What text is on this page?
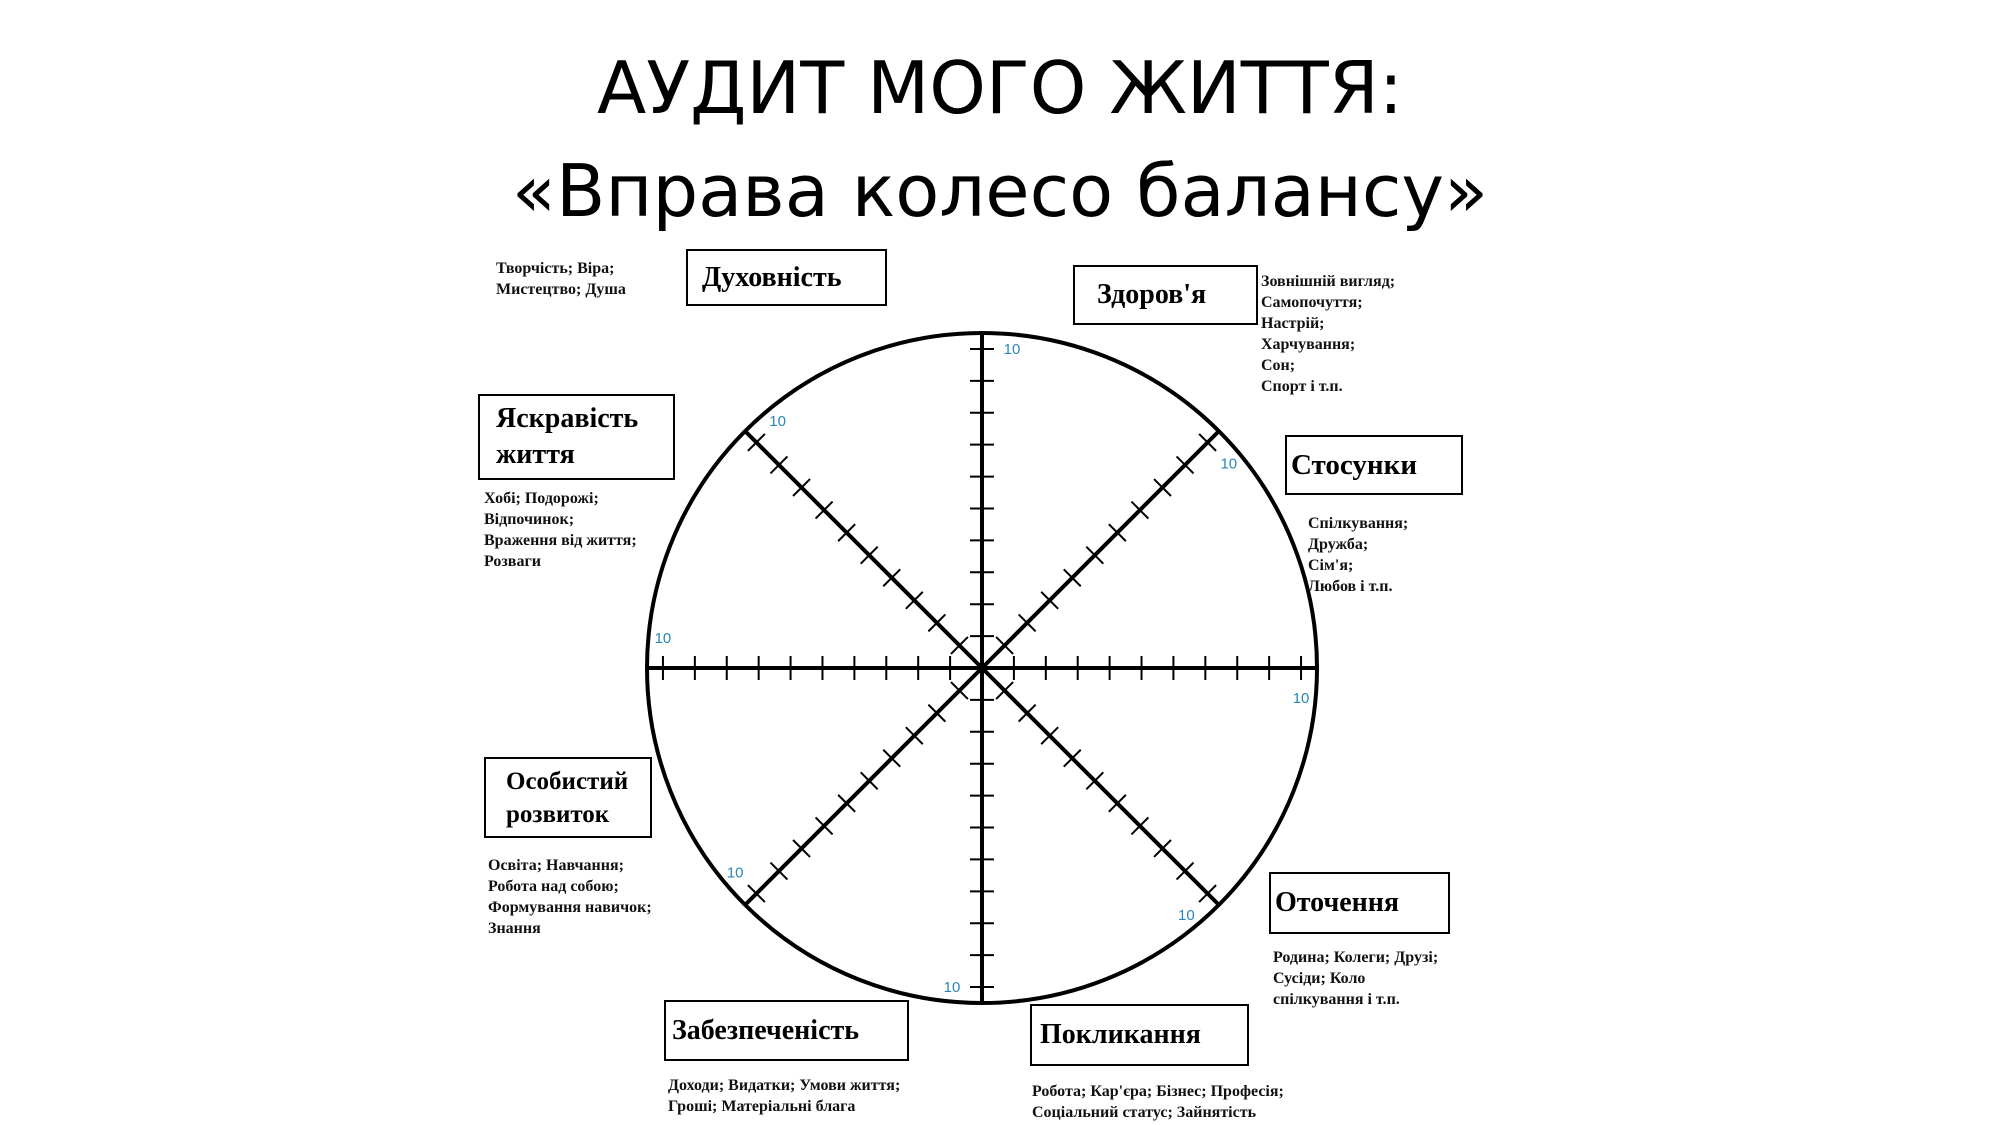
АУДИТ МОГО ЖИТТЯ:
«Вправа колесо балансу»
10
10
10
10
10
10
10
10
Духовність
Творчість; Віра;
Мистецтво; Душа	Здоров'я	Зовнішній вигляд;
Самопочуття;
Настрій;
Харчування;
Сон;
Спорт і т.п.
Стосунки
Спілкування;
Дружба;
Сім'я;
Любов і т.п.
Яскравість
життя
Хобі; Подорожі;
Відпочинок;
Враження від життя;
Розваги
Особистий
розвиток
Освіта; Навчання;
Робота над собою;
Формування навичок;
Знання
Оточення
Родина; Колеги; Друзі;
Сусіди; Коло
спілкування і т.п.
Забезпеченість
Доходи; Видатки; Умови життя;
Гроші; Матеріальні блага
Покликання
Робота; Кар'єра; Бізнес; Професія;
Соціальний статус; Зайнятість
